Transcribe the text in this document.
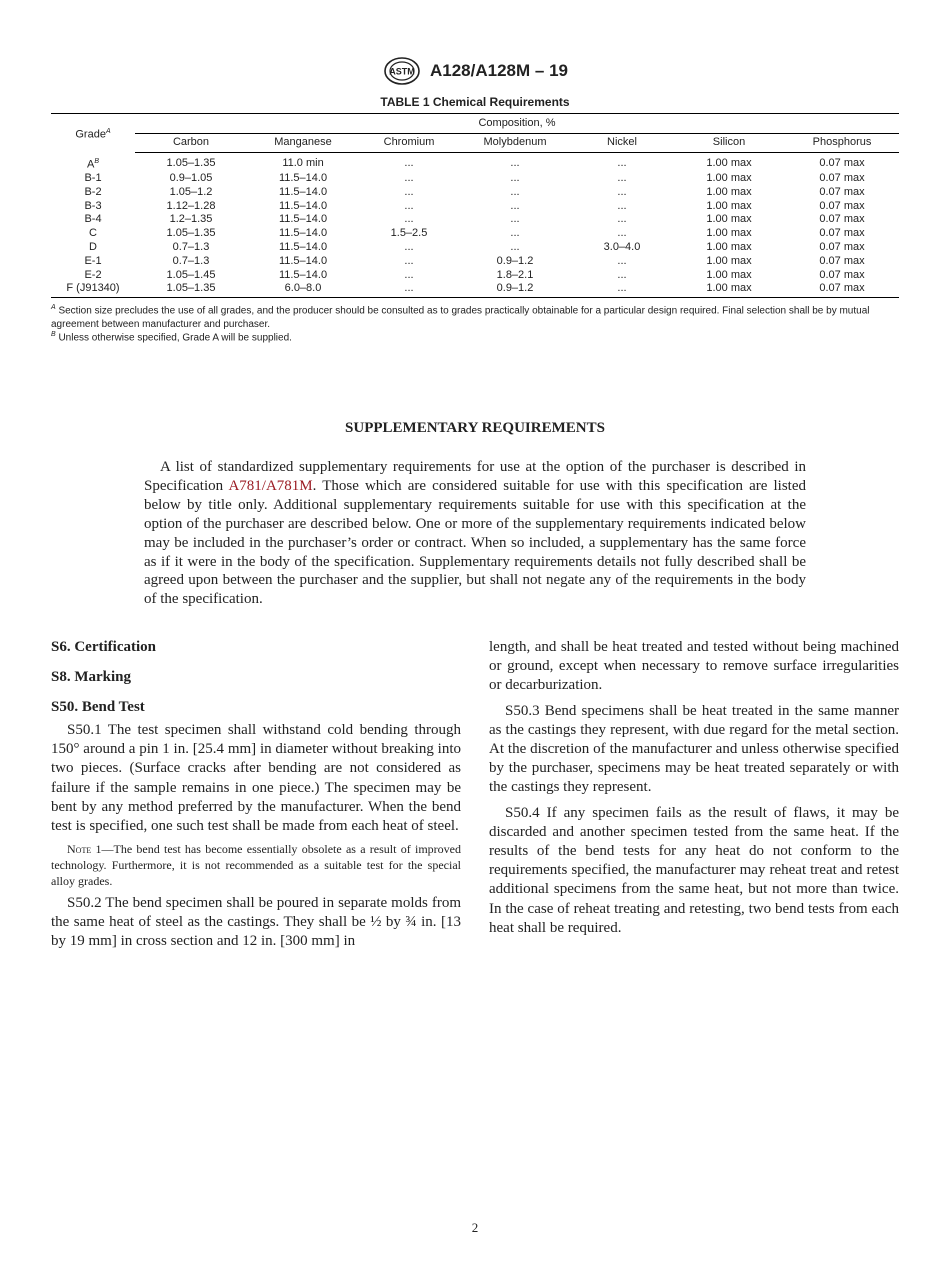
ASTM A128/A128M – 19
TABLE 1 Chemical Requirements
Grade$^A$	Composition, %						
	Carbon	Manganese	Chromium	Molybdenum	Nickel	Silicon	Phosphorus
$A^B$	1.05–1.35	11.0 min	...	...	...	1.00 max	0.07 max
B-1	0.9–1.05	11.5–14.0	...	...	...	1.00 max	0.07 max
B-2	1.05–1.2	11.5–14.0	...	...	...	1.00 max	0.07 max
B-3	1.12–1.28	11.5–14.0	...	...	...	1.00 max	0.07 max
B-4	1.2–1.35	11.5–14.0	...	...	...	1.00 max	0.07 max
C	1.05–1.35	11.5–14.0	1.5–2.5	...	...	1.00 max	0.07 max
D	0.7–1.3	11.5–14.0	...	...	3.0–4.0	1.00 max	0.07 max
E-1	0.7–1.3	11.5–14.0	...	0.9–1.2	...	1.00 max	0.07 max
E-2	1.05–1.45	11.5–14.0	...	1.8–2.1	...	1.00 max	0.07 max
F (J91340)	1.05–1.35	6.0–8.0	...	0.9–1.2	...	1.00 max	0.07 max
$^A$ Section size precludes the use of all grades, and the producer should be consulted as to grades practically obtainable for a particular design required. Final selection shall be by mutual agreement between manufacturer and purchaser.
$^B$ Unless otherwise specified, Grade A will be supplied.
SUPPLEMENTARY REQUIREMENTS

A list of standardized supplementary requirements for use at the option of the purchaser is described in Specification A781/A781M. Those which are considered suitable for use with this specification are listed below by title only. Additional supplementary requirements suitable for use with this specification at the option of the purchaser are described below. One or more of the supplementary requirements indicated below may be included in the purchaser’s order or contract. When so included, a supplementary has the same force as if it were in the body of the specification. Supplementary requirements details not fully described shall be agreed upon between the purchaser and the supplier, but shall not negate any of the requirements in the body of the specification.

S6. Certification
S8. Marking
S50. Bend Test

S50.1 The test specimen shall withstand cold bending through 150° around a pin 1 in. [25.4 mm] in diameter without breaking into two pieces. (Surface cracks after bending are not considered as failure if the sample remains in one piece.) The specimen may be bent by any method preferred by the manufacturer. When the bend test is specified, one such test shall be made from each heat of steel.

Note 1—The bend test has become essentially obsolete as a result of improved technology. Furthermore, it is not recommended as a suitable test for the special alloy grades.

S50.2 The bend specimen shall be poured in separate molds from the same heat of steel as the castings. They shall be ½ by ¾ in. [13 by 19 mm] in cross section and 12 in. [300 mm] in

length, and shall be heat treated and tested without being machined or ground, except when necessary to remove surface irregularities or decarburization.

S50.3 Bend specimens shall be heat treated in the same manner as the castings they represent, with due regard for the metal section. At the discretion of the manufacturer and unless otherwise specified by the purchaser, specimens may be heat treated separately or with the castings they represent.

S50.4 If any specimen fails as the result of flaws, it may be discarded and another specimen tested from the same heat. If the results of the bend tests for any heat do not conform to the requirements specified, the manufacturer may reheat treat and retest additional specimens from the same heat, but not more than twice. In the case of reheat treating and retesting, two bend tests from each heat shall be required.

2
